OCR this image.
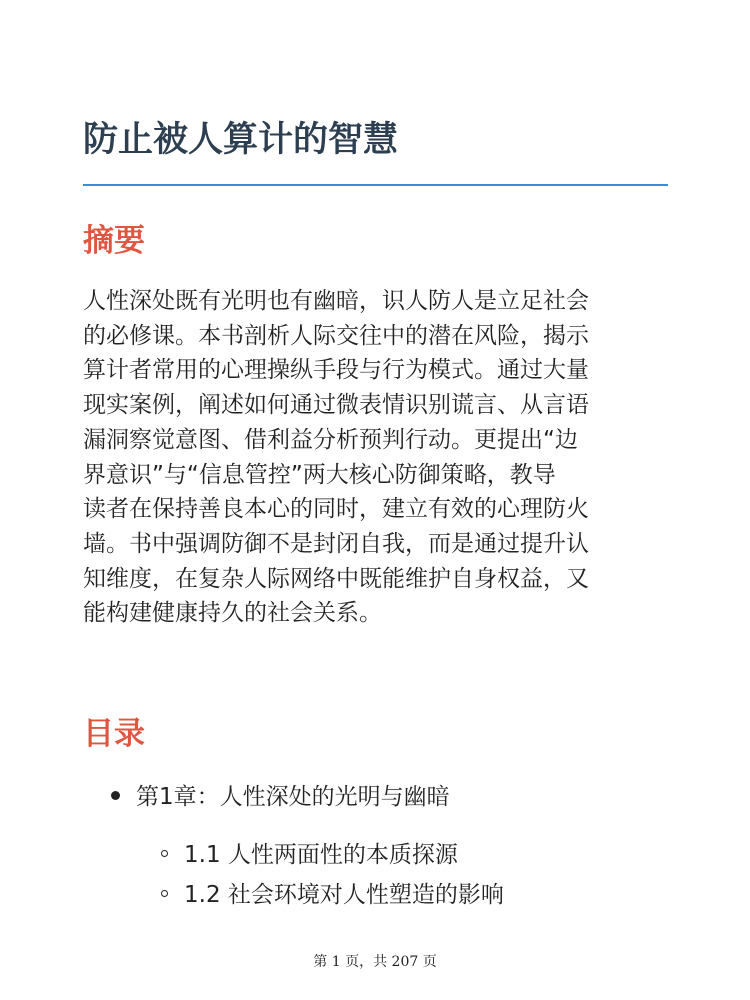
防止被人算计的智慧
摘要

人性深处既有光明也有幽暗，识人防人是立足社会
的必修课。本书剖析人际交往中的潜在风险，揭示
算计者常用的心理操纵手段与行为模式。通过大量
现实案例，阐述如何通过微表情识别谎言、从言语
漏洞察觉意图、借利益分析预判行动。更提出“边
界意识”与“信息管控”两大核心防御策略，教导
读者在保持善良本心的同时，建立有效的心理防火
墙。书中强调防御不是封闭自我，而是通过提升认
知维度，在复杂人际网络中既能维护自身权益，又
能构建健康持久的社会关系。

目录
第1章：人性深处的光明与幽暗
1.1 人性两面性的本质探源
1.2 社会环境对人性塑造的影响
第 1 页，共 207 页
